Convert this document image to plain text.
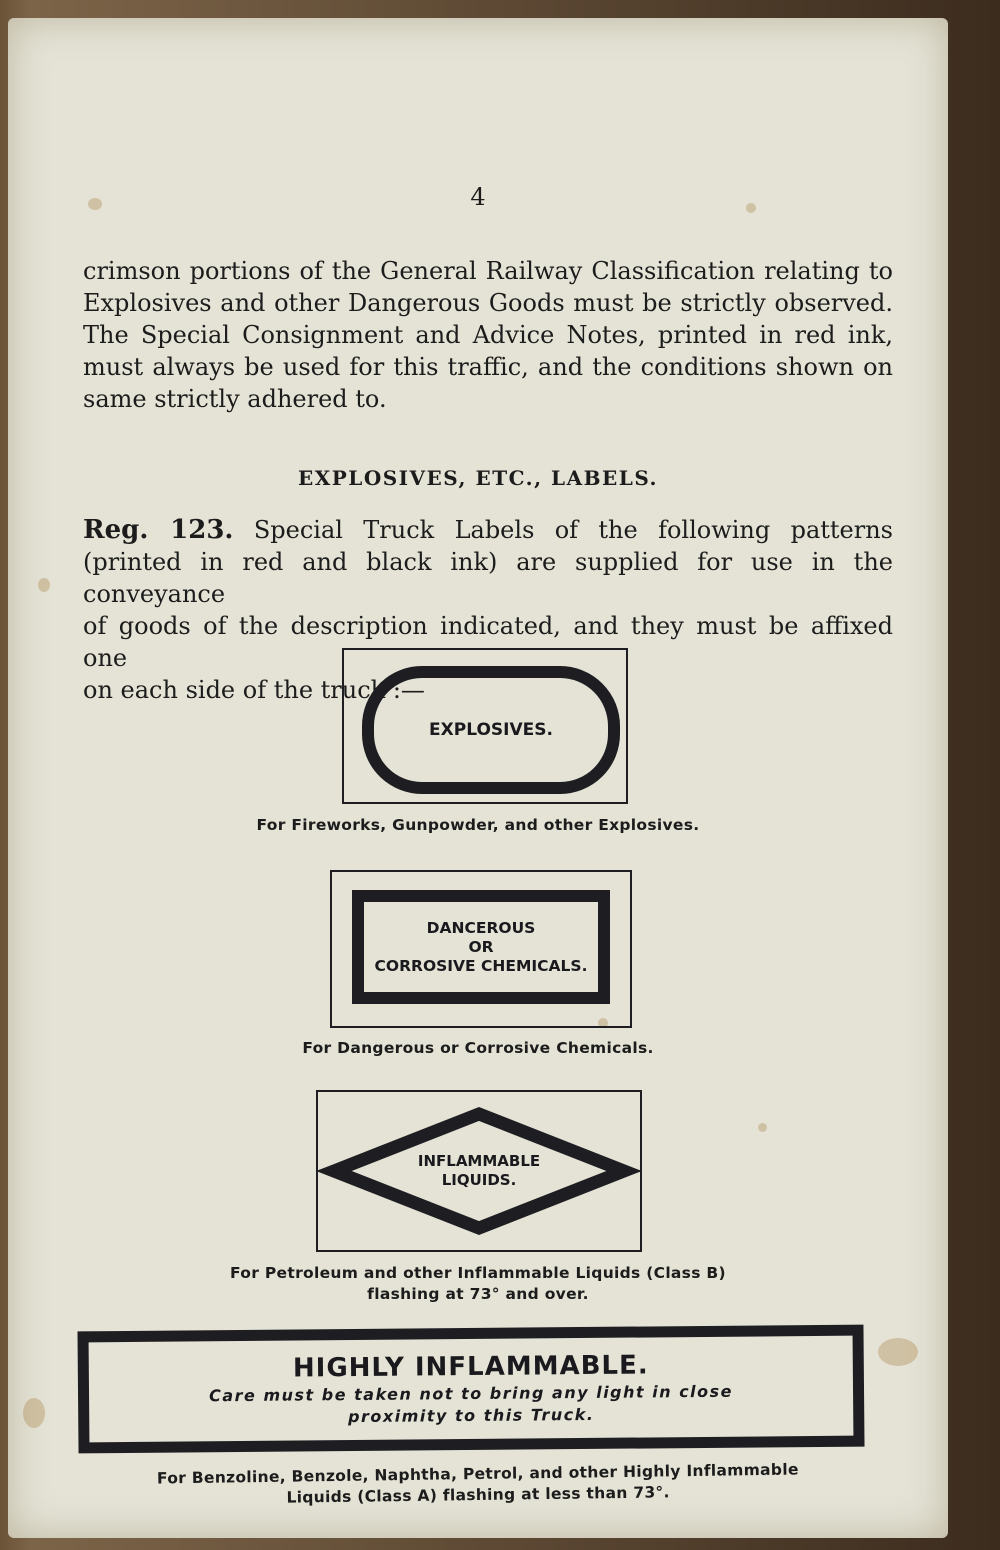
4
crimson portions of the General Railway Classification relating to
Explosives and other Dangerous Goods must be strictly observed.
The Special Consignment and Advice Notes, printed in red ink,
must always be used for this traffic, and the conditions shown on
same strictly adhered to.
EXPLOSIVES, ETC., LABELS.
Reg. 123. Special Truck Labels of the following patterns
(printed in red and black ink) are supplied for use in the conveyance
of goods of the description indicated, and they must be affixed one
on each side of the truck :—
EXPLOSIVES.
For Fireworks, Gunpowder, and other Explosives.
DANCEROUS
OR
CORROSIVE CHEMICALS.
For Dangerous or Corrosive Chemicals.
INFLAMMABLE
LIQUIDS.
For Petroleum and other Inflammable Liquids (Class B)
flashing at 73° and over.
HIGHLY INFLAMMABLE.
Care must be taken not to bring any light in close
proximity to this Truck.
For Benzoline, Benzole, Naphtha, Petrol, and other Highly Inflammable
Liquids (Class A) flashing at less than 73°.
